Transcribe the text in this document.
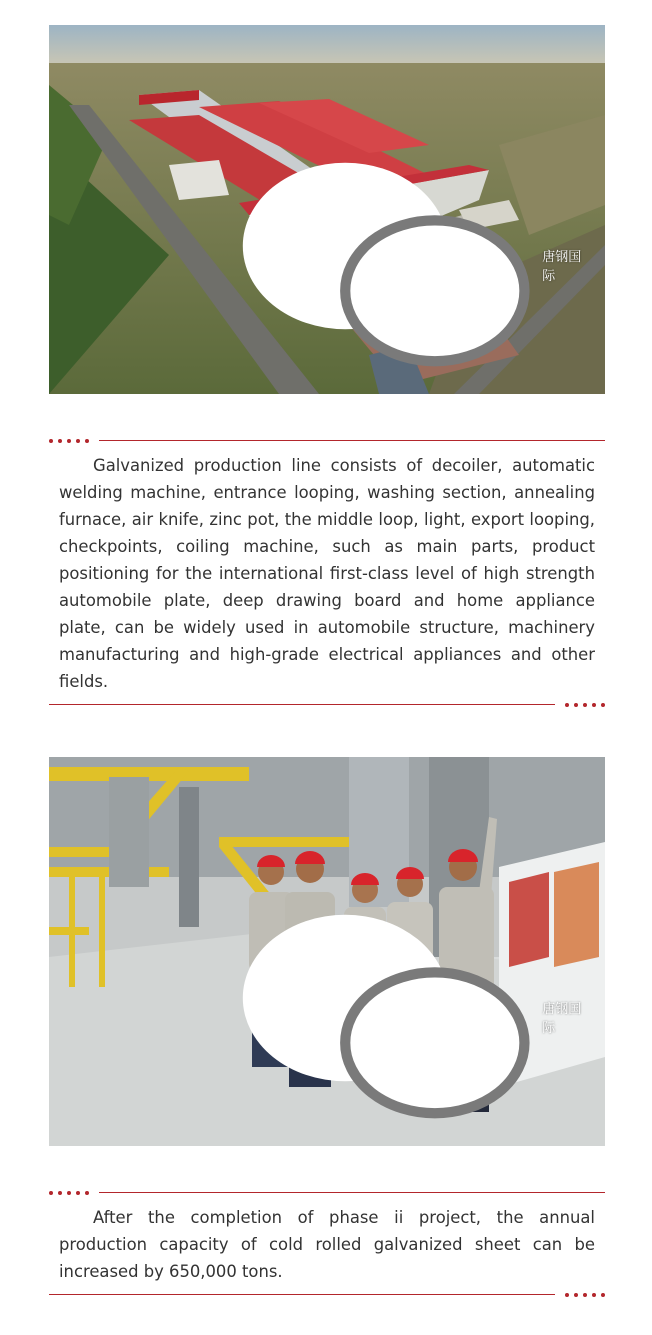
唐钢国际

Galvanized production line consists of decoiler, automatic welding machine, entrance looping, washing section, annealing furnace, air knife, zinc pot, the middle loop, light, export looping, checkpoints, coiling machine, such as main parts, product positioning for the international first-class level of high strength automobile plate, deep drawing board and home appliance plate, can be widely used in automobile structure, machinery manufacturing and high-grade electrical appliances and other fields.

唐钢国际

After the completion of phase ii project, the annual production capacity of cold rolled galvanized sheet can be increased by 650,000 tons.
